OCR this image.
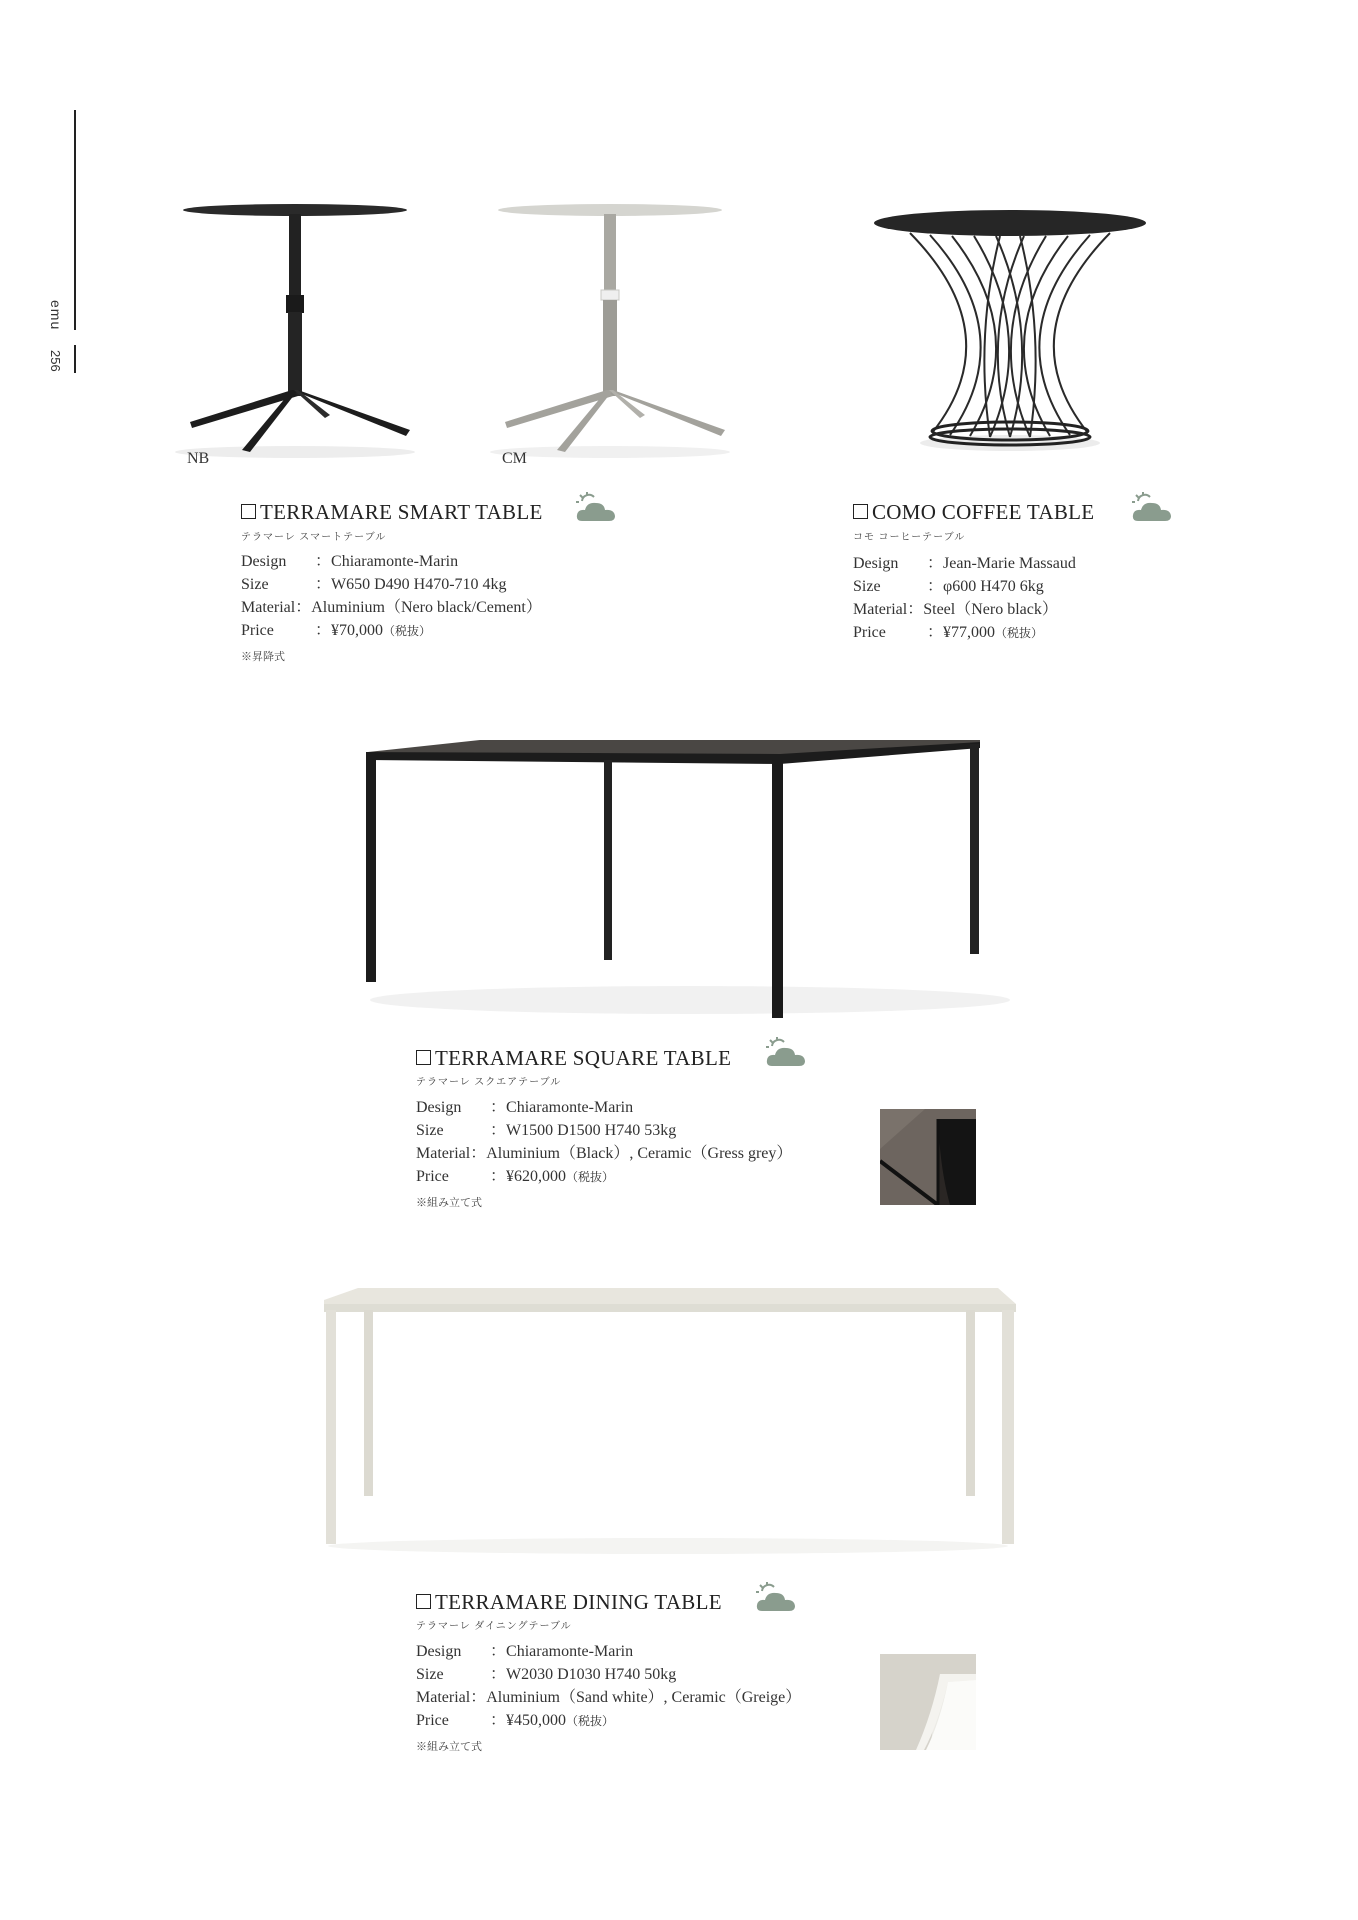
emu
256
NB	CM
TERRAMARE SMART TABLE
テラマーレ スマートテーブル
Design ：Chiaramonte-Marin
Size	：W650 D490 H470-710 4kg
Material：Aluminium（Nero black/Cement）
Price	：¥70,000（税抜）
※昇降式
COMO COFFEE TABLE
コモ コーヒーテーブル
Design ：Jean-Marie Massaud
Size	：φ600 H470 6kg
Material：Steel（Nero black）
Price	：¥77,000（税抜）
TERRAMARE SQUARE TABLE
テラマーレ スクエアテーブル
Design ：Chiaramonte-Marin
Size	：W1500 D1500 H740 53kg
Material：Aluminium（Black）, Ceramic（Gress grey）
Price	：¥620,000（税抜）
※組み立て式
TERRAMARE DINING TABLE
テラマーレ ダイニングテーブル
Design ：Chiaramonte-Marin
Size	：W2030 D1030 H740 50kg
Material：Aluminium（Sand white）, Ceramic（Greige）
Price	：¥450,000（税抜）
※組み立て式
